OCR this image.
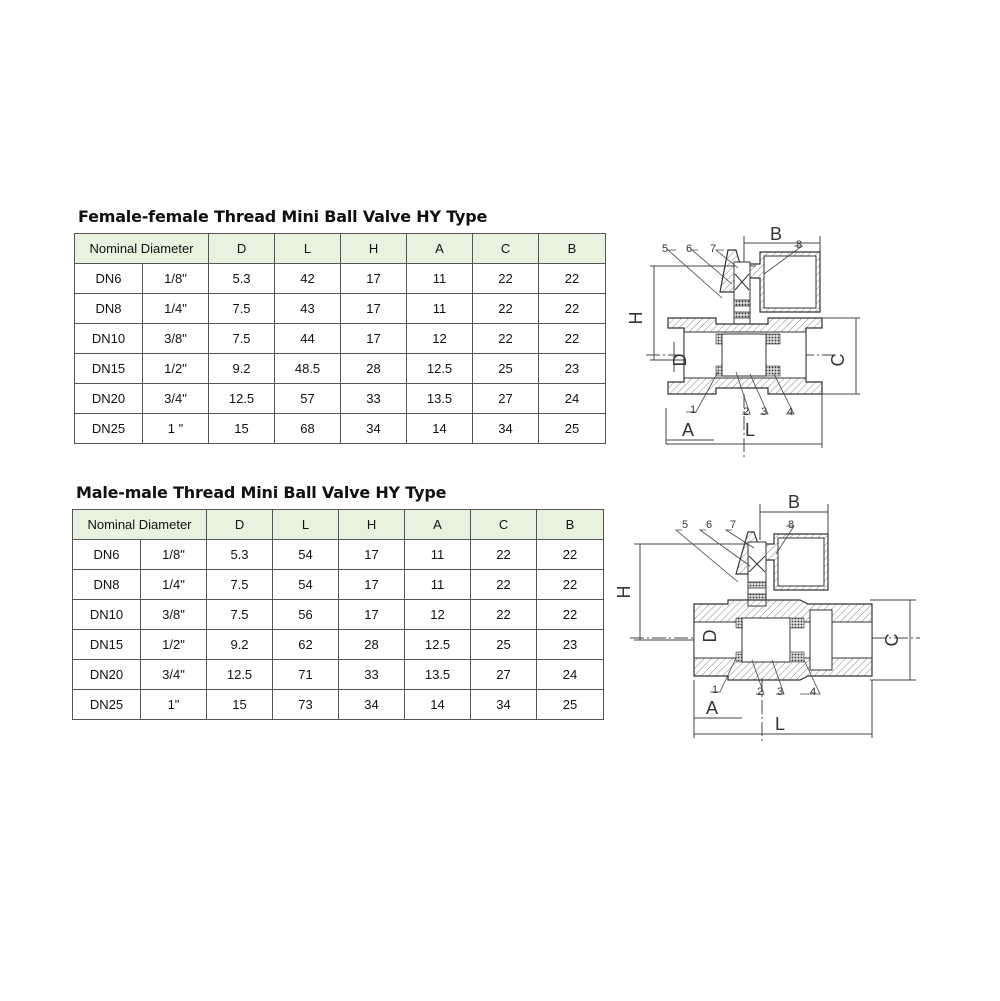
Female-female Thread Mini Ball Valve HY Type
Nominal Diameter		D	L	H	A	C	B
DN6	1/8"	5.3	42	17	11	22	22
DN8	1/4"	7.5	43	17	11	22	22
DN10	3/8"	7.5	44	17	12	22	22
DN15	1/2"	9.2	48.5	28	12.5	25	23
DN20	3/4"	12.5	57	33	13.5	27	24
DN25	1 "	15	68	34	14	34	25
B
H
C
D
A	L
1	2 3 4
5 6 7	8
Male-male Thread Mini Ball Valve HY Type
Nominal Diameter		D	L	H	A	C	B
DN6	1/8"	5.3	54	17	11	22	22
DN8	1/4"	7.5	54	17	11	22	22
DN10	3/8"	7.5	56	17	12	22	22
DN15	1/2"	9.2	62	28	12.5	25	23
DN20	3/4"	12.5	71	33	13.5	27	24
DN25	1"	15	73	34	14	34	25
B
H
C
D
A
L
1	2 3 4
5 6 7	8
